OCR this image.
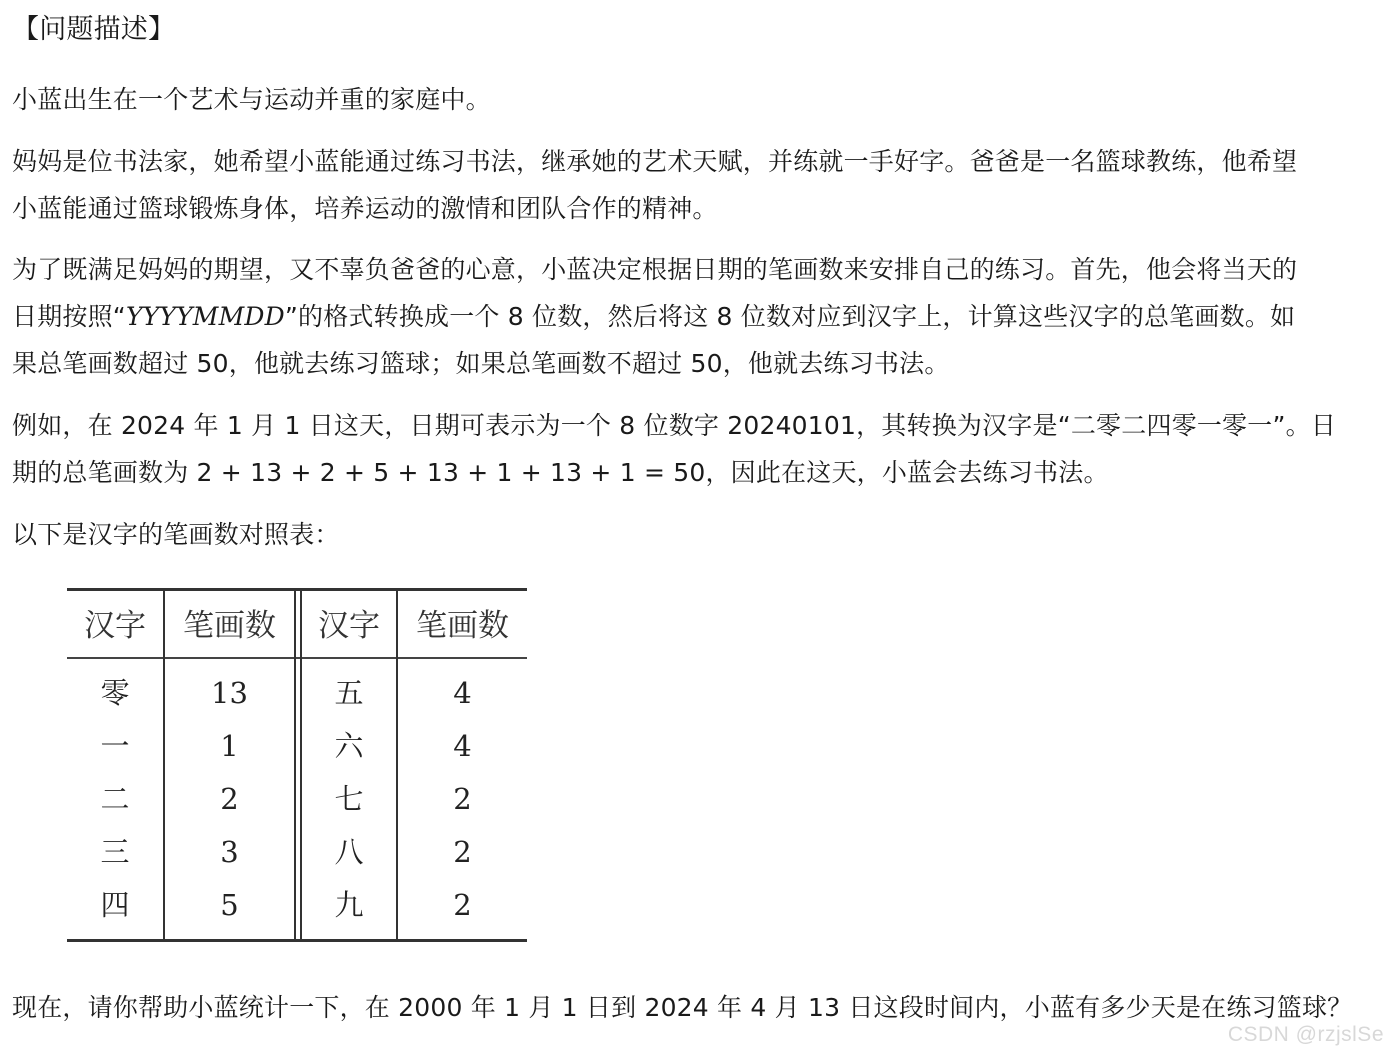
【问题描述】
小蓝出生在一个艺术与运动并重的家庭中。
妈妈是位书法家，她希望小蓝能通过练习书法，继承她的艺术天赋，并练就一手好字。爸爸是一名篮球教练，他希望
小蓝能通过篮球锻炼身体，培养运动的激情和团队合作的精神。
为了既满足妈妈的期望，又不辜负爸爸的心意，小蓝决定根据日期的笔画数来安排自己的练习。首先，他会将当天的
日期按照“YYYYMMDD”的格式转换成一个 8 位数，然后将这 8 位数对应到汉字上，计算这些汉字的总笔画数。如
果总笔画数超过 50，他就去练习篮球；如果总笔画数不超过 50，他就去练习书法。
例如，在 2024 年 1 月 1 日这天，日期可表示为一个 8 位数字 20240101，其转换为汉字是“二零二四零一零一”。日
期的总笔画数为 2 + 13 + 2 + 5 + 13 + 1 + 13 + 1 = 50，因此在这天，小蓝会去练习书法。
以下是汉字的笔画数对照表：
汉字	笔画数	汉字	笔画数
零	13	五	4
一	1	六	4
二	2	七	2
三	3	八	2
四	5	九	2
现在，请你帮助小蓝统计一下，在 2000 年 1 月 1 日到 2024 年 4 月 13 日这段时间内，小蓝有多少天是在练习篮球？
CSDN @rzjslSe
